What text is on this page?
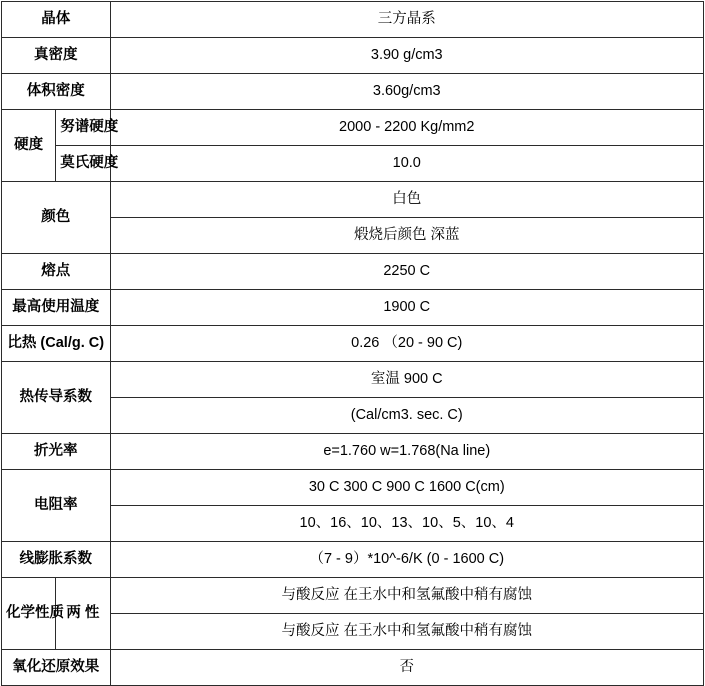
晶体		三方晶系
真密度		3.90 g/cm3
体积密度		3.60g/cm3
硬度	努谱硬度	2000 - 2200 Kg/mm2
	莫氏硬度	10.0
颜色		白色
		煅烧后颜色 深蓝
熔点		2250 C
最高使用温度		1900 C
比热 (Cal/g. C)		0.26 （20 - 90 C)
热传导系数		室温 900 C
		(Cal/cm3. sec. C)
折光率		e=1.760 w=1.768(Na line)
电阻率		30 C 300 C 900 C 1600 C(cm)
		10、16、10、13、10、5、10、4
线膨胀系数		（7 - 9）*10^-6/K (0 - 1600 C)
化学性质	两 性	与酸反应 在王水中和氢氟酸中稍有腐蚀
		与酸反应 在王水中和氢氟酸中稍有腐蚀
氧化还原效果		否
